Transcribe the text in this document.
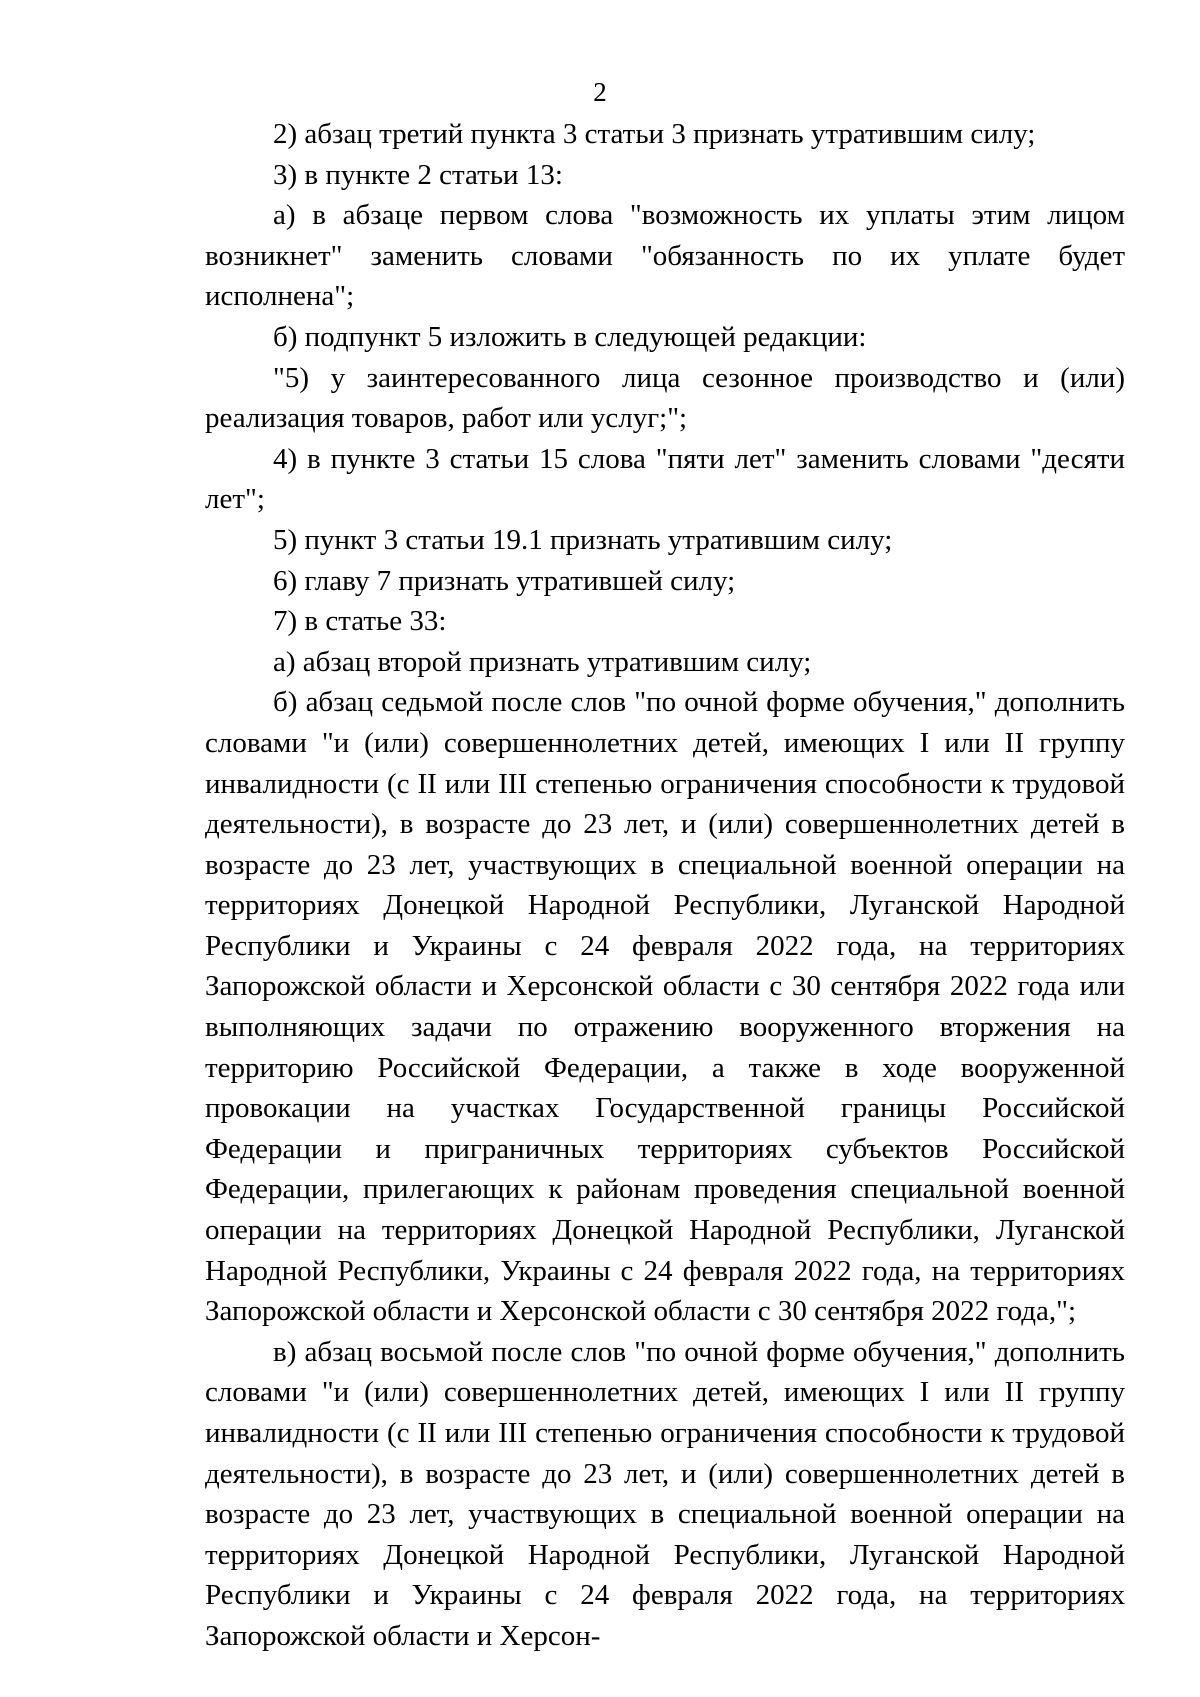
2

2) абзац третий пункта 3 статьи 3 признать утратившим силу;

3) в пункте 2 статьи 13:

а) в абзаце первом слова "возможность их уплаты этим лицом возникнет" заменить словами "обязанность по их уплате будет исполнена";

б) подпункт 5 изложить в следующей редакции:

"5) у заинтересованного лица сезонное производство и (или) реализация товаров, работ или услуг;";

4) в пункте 3 статьи 15 слова "пяти лет" заменить словами "десяти лет";

5) пункт 3 статьи 19.1 признать утратившим силу;

6) главу 7 признать утратившей силу;

7) в статье 33:

а) абзац второй признать утратившим силу;

б) абзац седьмой после слов "по очной форме обучения," дополнить словами "и (или) совершеннолетних детей, имеющих I или II группу инвалидности (с II или III степенью ограничения способности к трудовой деятельности), в возрасте до 23 лет, и (или) совершеннолетних детей в возрасте до 23 лет, участвующих в специальной военной операции на территориях Донецкой Народной Республики, Луганской Народной Республики и Украины с 24 февраля 2022 года, на территориях Запорожской области и Херсонской области с 30 сентября 2022 года или выполняющих задачи по отражению вооруженного вторжения на территорию Российской Федерации, а также в ходе вооруженной провокации на участках Государственной границы Российской Федерации и приграничных территориях субъектов Российской Федерации, прилегающих к районам проведения специальной военной операции на территориях Донецкой Народной Республики, Луганской Народной Республики, Украины с 24 февраля 2022 года, на территориях Запорожской области и Херсонской области с 30 сентября 2022 года,";

в) абзац восьмой после слов "по очной форме обучения," дополнить словами "и (или) совершеннолетних детей, имеющих I или II группу инвалидности (с II или III степенью ограничения способности к трудовой деятельности), в возрасте до 23 лет, и (или) совершеннолетних детей в возрасте до 23 лет, участвующих в специальной военной операции на территориях Донецкой Народной Республики, Луганской Народной Республики и Украины с 24 февраля 2022 года, на территориях Запорожской области и Херсон-
